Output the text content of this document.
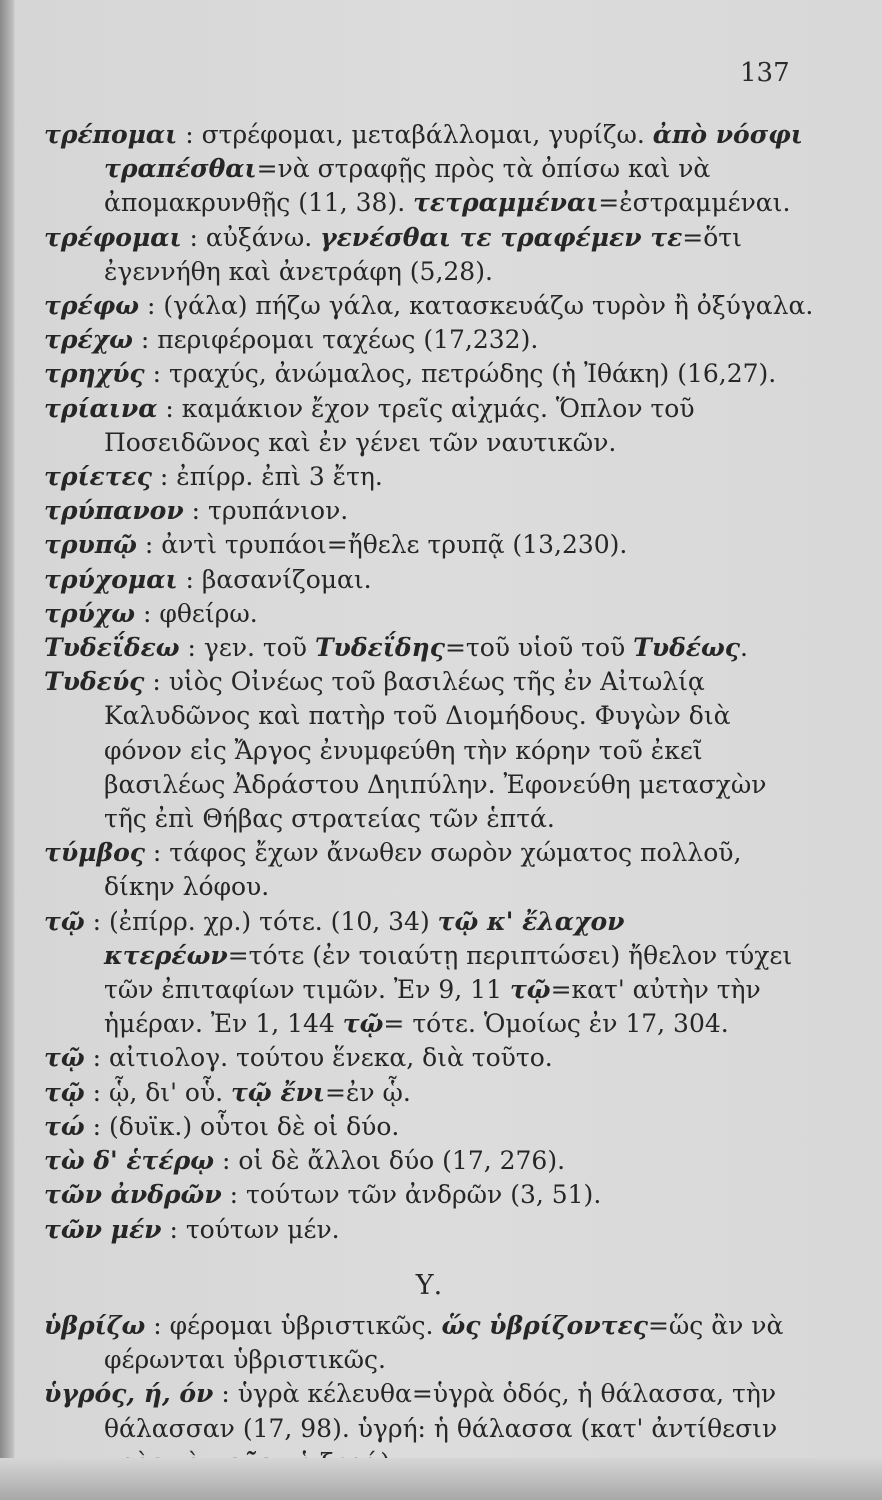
137

τρέπομαι : στρέφομαι, μεταβάλλομαι, γυρίζω. ἀπὸ νόσφι τραπέσθαι=νὰ στραφῇς πρὸς τὰ ὀπίσω καὶ νὰ ἀπομακρυνθῇς (11, 38). τετραμμέναι=ἐστραμμέναι.

τρέφομαι : αὐξάνω. γενέσθαι τε τραφέμεν τε=ὅτι ἐγεννήθη καὶ ἀνετράφη (5,28).

τρέφω : (γάλα) πήζω γάλα, κατασκευάζω τυρὸν ἢ ὀξύγαλα.

τρέχω : περιφέρομαι ταχέως (17,232).

τρηχύς : τραχύς, ἀνώμαλος, πετρώδης (ἡ Ἰθάκη) (16,27).

τρίαινα : καμάκιον ἔχον τρεῖς αἰχμάς. Ὅπλον τοῦ Ποσειδῶνος καὶ ἐν γένει τῶν ναυτικῶν.

τρίετες : ἐπίρρ. ἐπὶ 3 ἔτη.

τρύπανον : τρυπάνιον.

τρυπῷ : ἀντὶ τρυπάοι=ἤθελε τρυπᾷ (13,230).

τρύχομαι : βασανίζομαι.

τρύχω : φθείρω.

Τυδεΐδεω : γεν. τοῦ Τυδεΐδης=τοῦ υἱοῦ τοῦ Τυδέως.

Τυδεύς : υἱὸς Οἰνέως τοῦ βασιλέως τῆς ἐν Αἰτωλίᾳ Καλυδῶνος καὶ πατὴρ τοῦ Διομήδους. Φυγὼν διὰ φόνον εἰς Ἄργος ἐνυμφεύθη τὴν κόρην τοῦ ἐκεῖ βασιλέως Ἀδράστου Δηιπύλην. Ἐφονεύθη μετασχὼν τῆς ἐπὶ Θήβας στρατείας τῶν ἑπτά.

τύμβος : τάφος ἔχων ἄνωθεν σωρὸν χώματος πολλοῦ, δίκην λόφου.

τῷ : (ἐπίρρ. χρ.) τότε. (10, 34) τῷ κ' ἔλαχον κτερέων=τότε (ἐν τοιαύτῃ περιπτώσει) ἤθελον τύχει τῶν ἐπιταφίων τιμῶν. Ἐν 9, 11 τῷ=κατ' αὐτὴν τὴν ἡμέραν. Ἐν 1, 144 τῷ= τότε. Ὁμοίως ἐν 17, 304.

τῷ : αἰτιολογ. τούτου ἕνεκα, διὰ τοῦτο.

τῷ : ᾧ, δι' οὗ. τῷ ἔνι=ἐν ᾧ.

τώ : (δυϊκ.) οὗτοι δὲ οἱ δύο.

τὼ δ' ἑτέρῳ : οἱ δὲ ἄλλοι δύο (17, 276).

τῶν ἀνδρῶν : τούτων τῶν ἀνδρῶν (3, 51).

τῶν μέν : τούτων μέν.

Υ.

ὑβρίζω : φέρομαι ὑβριστικῶς. ὥς ὑβρίζοντες=ὥς ἂν νὰ φέρωνται ὑβριστικῶς.

ὑγρός, ή, όν : ὑγρὰ κέλευθα=ὑγρὰ ὁδός, ἡ θάλασσα, τὴν θάλασσαν (17, 98). ὑγρή: ἡ θάλασσα (κατ' ἀντίθεσιν
